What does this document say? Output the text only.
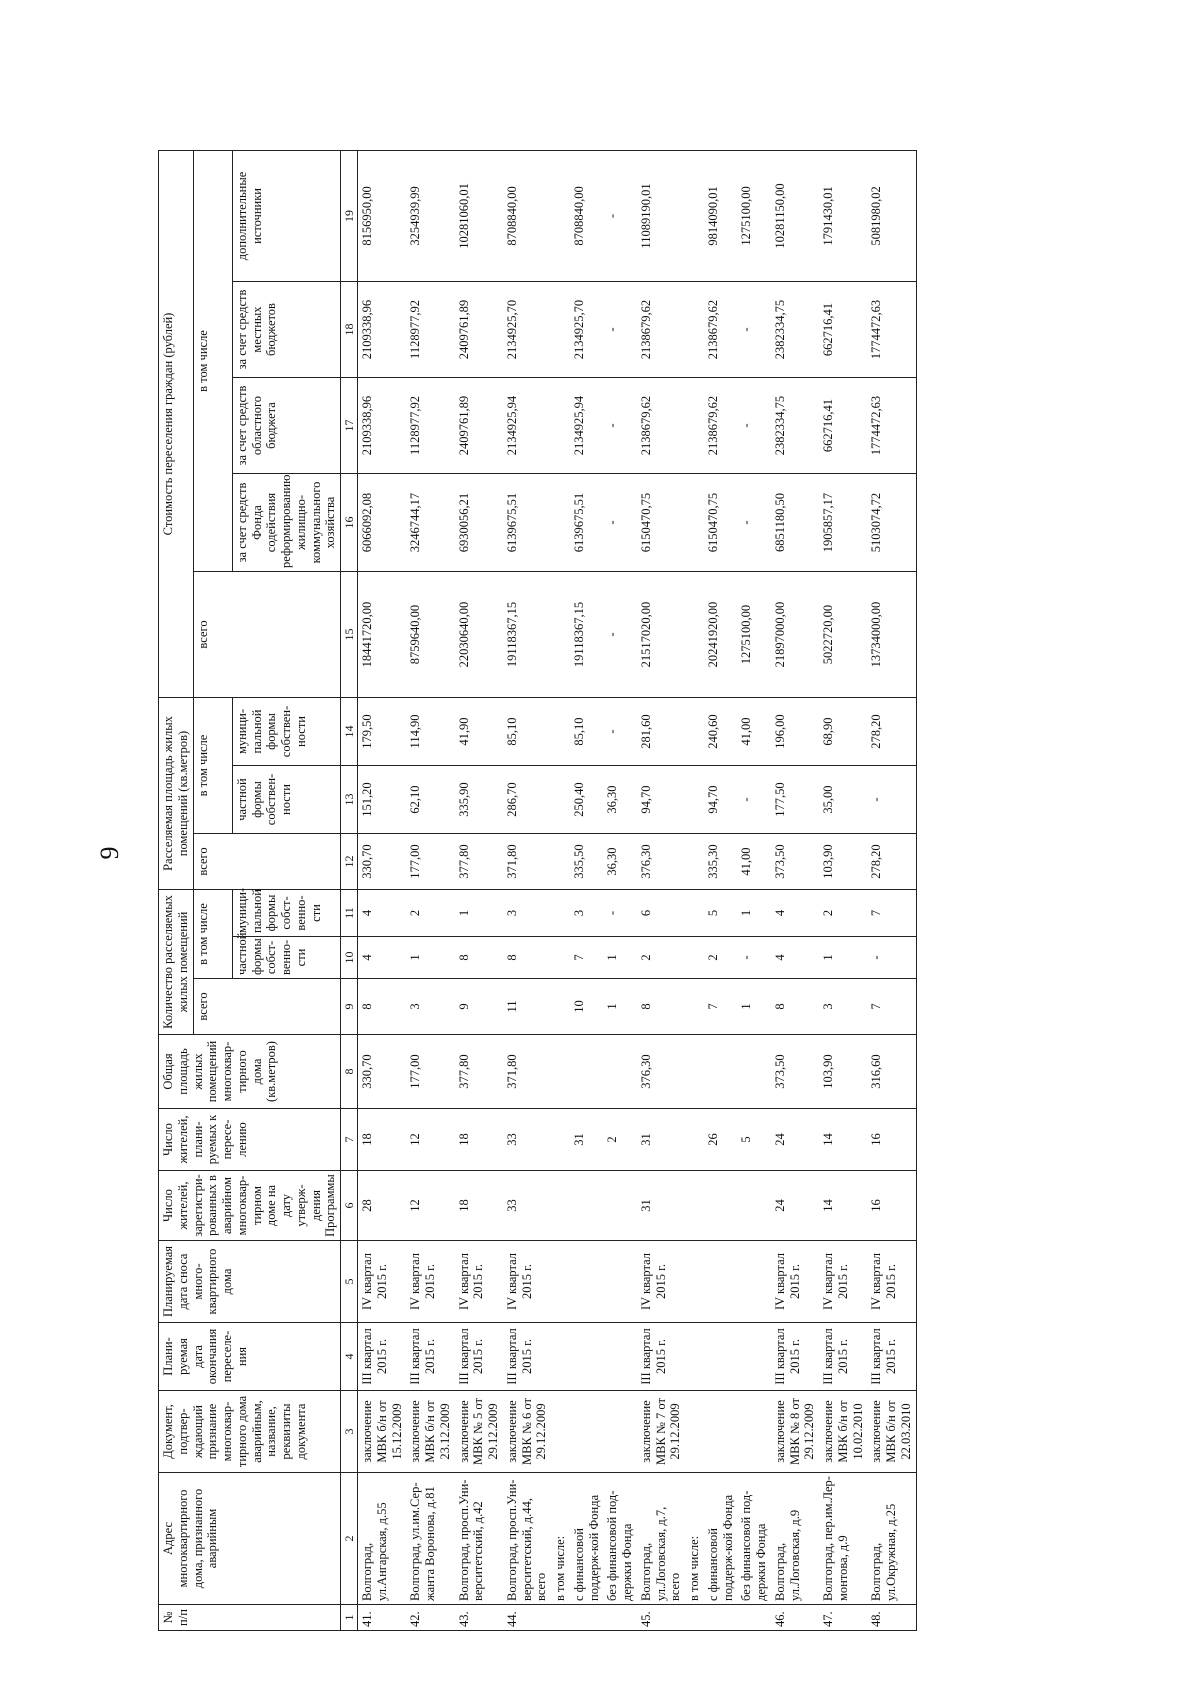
9
№ п/п	Адрес многоквартирного дома, признанного аварийным	Документ, подтвер-ждающий признание многоквар-тирного дома аварийным, название, реквизиты документа	Плани-руемая дата окончания переселе-ния	Планируемая дата сноса много-квартирного дома	Число жителей, зарегистри-рованных в аварийном многоквар-тирном доме на дату утверж-дения Программы	Число жителей, плани-руемых к пересе-лению	Общая площадь жилых помещений многоквар-тирного дома (кв.метров)	Количество расселяемых жилых помещений			Расселяемая площадь жилых помещений (кв.метров)			Стоимость переселения граждан (рублей)				
								всего	в том числе		всего	в том числе		всего	в том числе			
									частной формы собст-венно-сти	муници-пальной формы собст-венно-сти		частной формы собствен-ности	муници-пальной формы собствен-ности		за счет средств Фонда содействия реформированию жилищно-коммунального хозяйства	за счет средств областного бюджета	за счет средств местных бюджетов	дополнительные источники
1	2	3	4	5	6	7	8	9	10	11	12	13	14	15	16	17	18	19
41.	Волгоград, ул.Ангарская, д.55	заключение МВК б/н от 15.12.2009	III квартал 2015 г.	IV квартал 2015 г.	28	18	330,70	8	4	4	330,70	151,20	179,50	18441720,00	6066092,08	2109338,96	2109338,96	8156950,00
42.	Волгоград, ул.им.Сер-жанта Воронова, д.81	заключение МВК б/н от 23.12.2009	III квартал 2015 г.	IV квартал 2015 г.	12	12	177,00	3	1	2	177,00	62,10	114,90	8759640,00	3246744,17	1128977,92	1128977,92	3254939,99
43.	Волгоград, просп.Уни-верситетский, д.42	заключение МВК № 5 от 29.12.2009	III квартал 2015 г.	IV квартал 2015 г.	18	18	377,80	9	8	1	377,80	335,90	41,90	22030640,00	6930056,21	2409761,89	2409761,89	10281060,01
44.	Волгоград, просп.Уни-верситетский, д.44, всего	заключение МВК № 6 от 29.12.2009	III квартал 2015 г.	IV квартал 2015 г.	33	33	371,80	11	8	3	371,80	286,70	85,10	19118367,15	6139675,51	2134925,94	2134925,70	8708840,00
	в том числе:																	
	с финансовой поддерж-кой Фонда					31		10	7	3	335,50	250,40	85,10	19118367,15	6139675,51	2134925,94	2134925,70	8708840,00
	без финансовой под-держки Фонда					2		1	1	-	36,30	36,30	-	-	-	-	-	-
45.	Волгоград, ул.Логовская, д.7, всего	заключение МВК № 7 от 29.12.2009	III квартал 2015 г.	IV квартал 2015 г.	31	31	376,30	8	2	6	376,30	94,70	281,60	21517020,00	6150470,75	2138679,62	2138679,62	11089190,01
	в том числе:																	
	с финансовой поддерж-кой Фонда					26		7	2	5	335,30	94,70	240,60	20241920,00	6150470,75	2138679,62	2138679,62	9814090,01
	без финансовой под-держки Фонда					5		1	-	1	41,00	-	41,00	1275100,00	-	-	-	1275100,00
46.	Волгоград, ул.Логовская, д.9	заключение МВК № 8 от 29.12.2009	III квартал 2015 г.	IV квартал 2015 г.	24	24	373,50	8	4	4	373,50	177,50	196,00	21897000,00	6851180,50	2382334,75	2382334,75	10281150,00
47.	Волгоград, пер.им.Лер-монтова, д.9	заключение МВК б/н от 10.02.2010	III квартал 2015 г.	IV квартал 2015 г.	14	14	103,90	3	1	2	103,90	35,00	68,90	5022720,00	1905857,17	662716,41	662716,41	1791430,01
48.	Волгоград, ул.Окружная, д.25	заключение МВК б/н от 22.03.2010	III квартал 2015 г.	IV квартал 2015 г.	16	16	316,60	7	-	7	278,20	-	278,20	13734000,00	5103074,72	1774472,63	1774472,63	5081980,02
